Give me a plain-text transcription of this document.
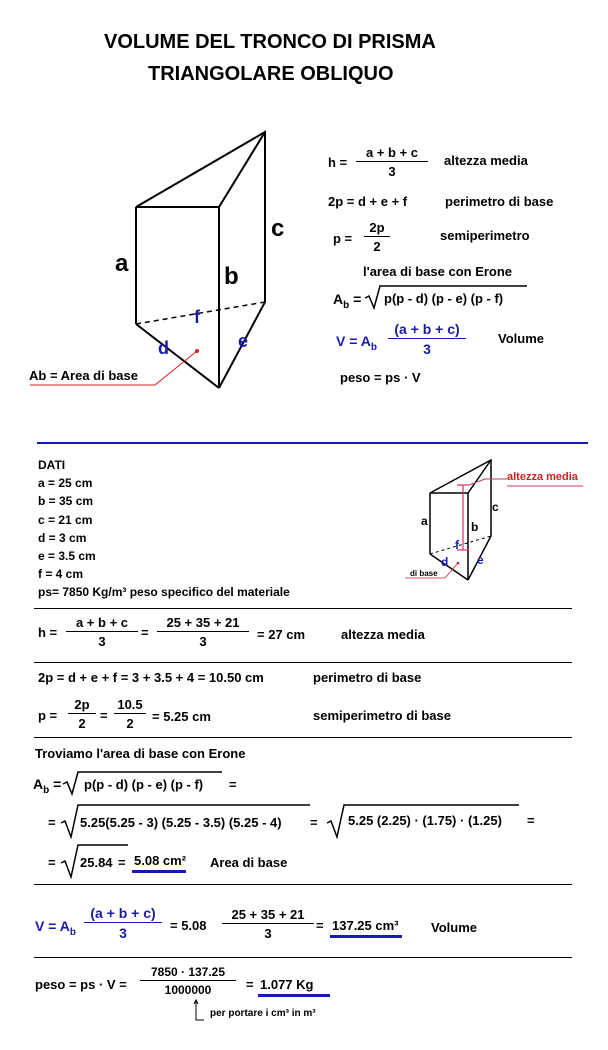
VOLUME DEL TRONCO DI PRISMA
TRIANGOLARE OBLIQUO
a	b
c
d	e
f
Ab = Area di base
$h = \frac{a + b + c}{3}$ altezza media
2p = d + e + f	perimetro di base
$p = \frac{2p}{2}$	semiperimetro
l'area di base con Erone
$A_b = p(p - d)$ (p - e) (p - f)
$V = A_b \frac{(a + b + c)}{3}$ Volume
peso = ps · V
DATI
a = 25 cm
b = 35 cm
c = 21 cm
d = 3 cm
e = 3.5 cm
f = 4 cm
ps= 7850 Kg/m³ peso specifico del materiale
altezza media
a	b
c
d e
f
di base
$h = \frac{a + b + c}{3} = \frac{25 + 35 + 21}{3} = 27$ cm	altezza media
2p = d + e + f = 3 + 3.5 + 4 = 10.50 cm	perimetro di base
$p = \frac{2p}{2} = \frac{10.5}{2} = 5.25$ cm	semiperimetro di base
Troviamo l'area di base con Erone
$A_b = p(p - d)$ (p - e) (p - f) =
= 5.25(5.25 - 3) (5.25 - 3.5) (5.25 - 4) = 5.25 (2.25) · (1.75) · (1.25) =
= 25.84 = 5.08 cm² Area di base
$V = A_b \frac{(a + b + c)}{3} = 5.08 \frac{25 + 35 + 21}{3} = 137.25$ cm³	Volume
peso = ps · $V = \frac{7850 \cdot 137.25}{1000000} = 1.077$ Kg
per portare i cm³ in m³
